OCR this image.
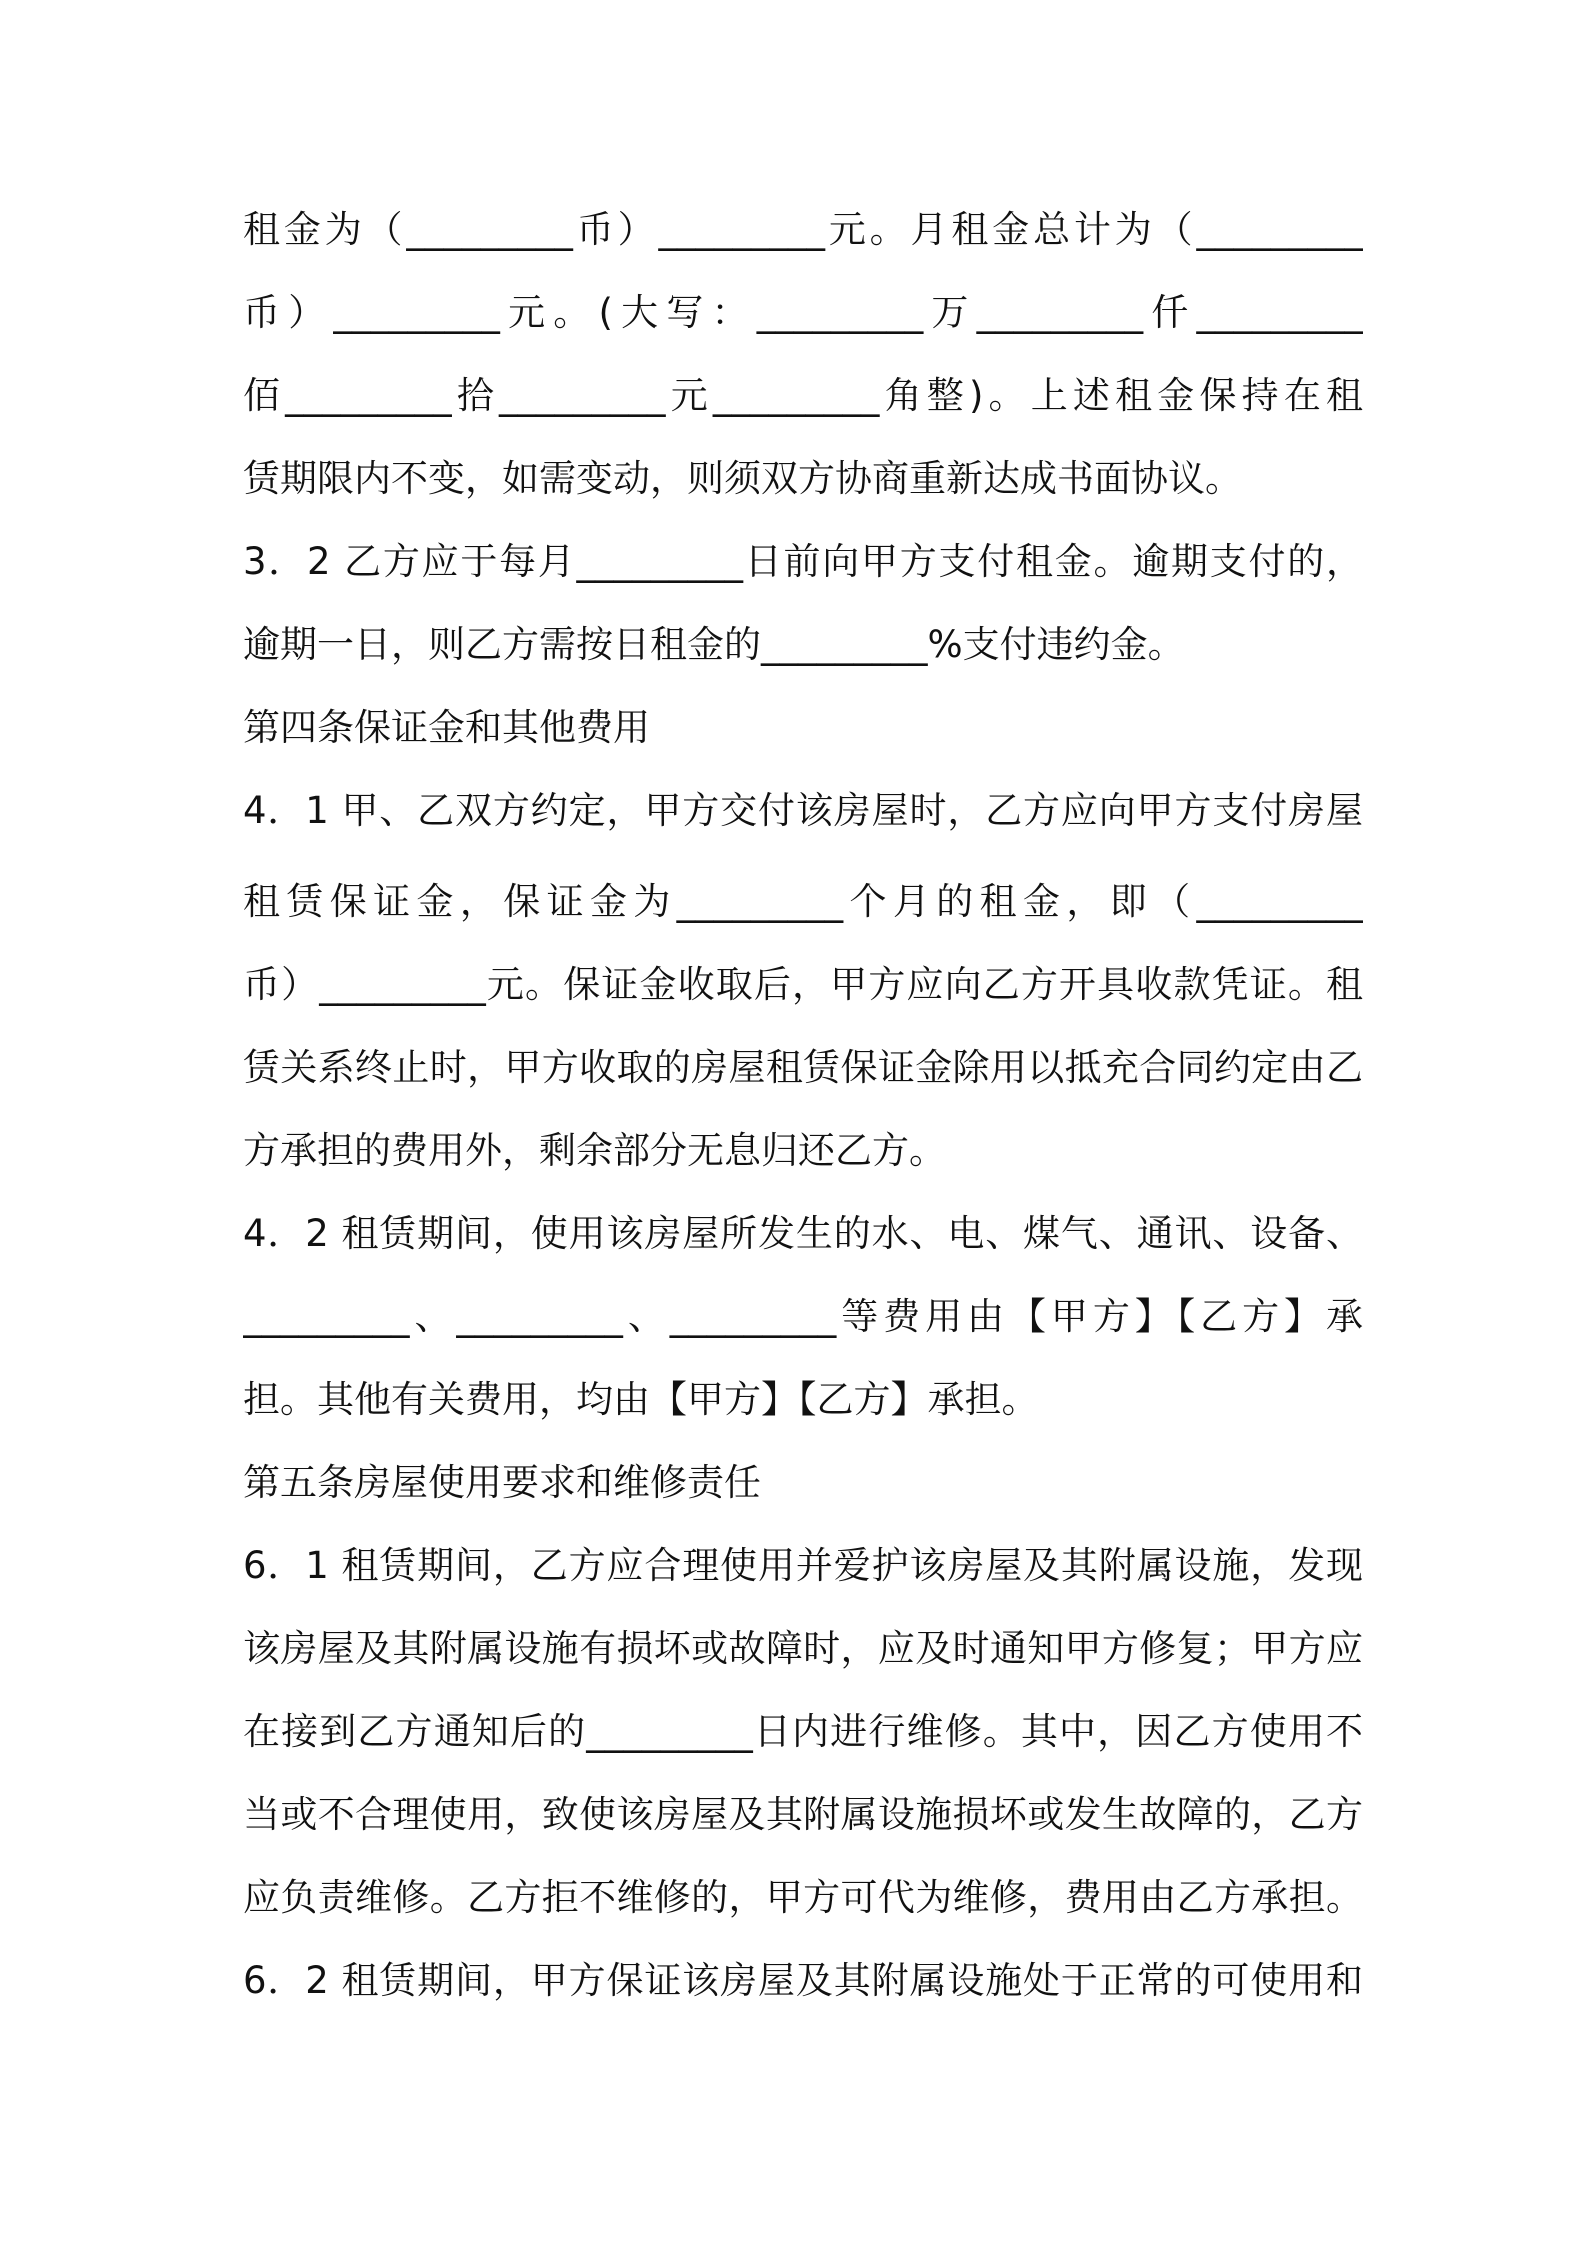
租金为（_________币）_________元。月租金总计为（_________
币）_________元。(大写：_________万_________仟_________
佰_________拾_________元_________角整)。上述租金保持在租
赁期限内不变，如需变动，则须双方协商重新达成书面协议。
3．2 乙方应于每月_________日前向甲方支付租金。逾期支付的，
逾期一日，则乙方需按日租金的_________%支付违约金。
第四条保证金和其他费用
4．1 甲、乙双方约定，甲方交付该房屋时，乙方应向甲方支付房屋
租赁保证金，保证金为_________个月的租金，即（_________
币）_________元。保证金收取后，甲方应向乙方开具收款凭证。租
赁关系终止时，甲方收取的房屋租赁保证金除用以抵充合同约定由乙
方承担的费用外，剩余部分无息归还乙方。
4．2 租赁期间，使用该房屋所发生的水、电、煤气、通讯、设备、
_________、_________、_________等费用由【甲方】【乙方】承
担。其他有关费用，均由【甲方】【乙方】承担。
第五条房屋使用要求和维修责任
6．1 租赁期间，乙方应合理使用并爱护该房屋及其附属设施，发现
该房屋及其附属设施有损坏或故障时，应及时通知甲方修复；甲方应
在接到乙方通知后的_________日内进行维修。其中，因乙方使用不
当或不合理使用，致使该房屋及其附属设施损坏或发生故障的，乙方
应负责维修。乙方拒不维修的，甲方可代为维修，费用由乙方承担。
6．2 租赁期间，甲方保证该房屋及其附属设施处于正常的可使用和
